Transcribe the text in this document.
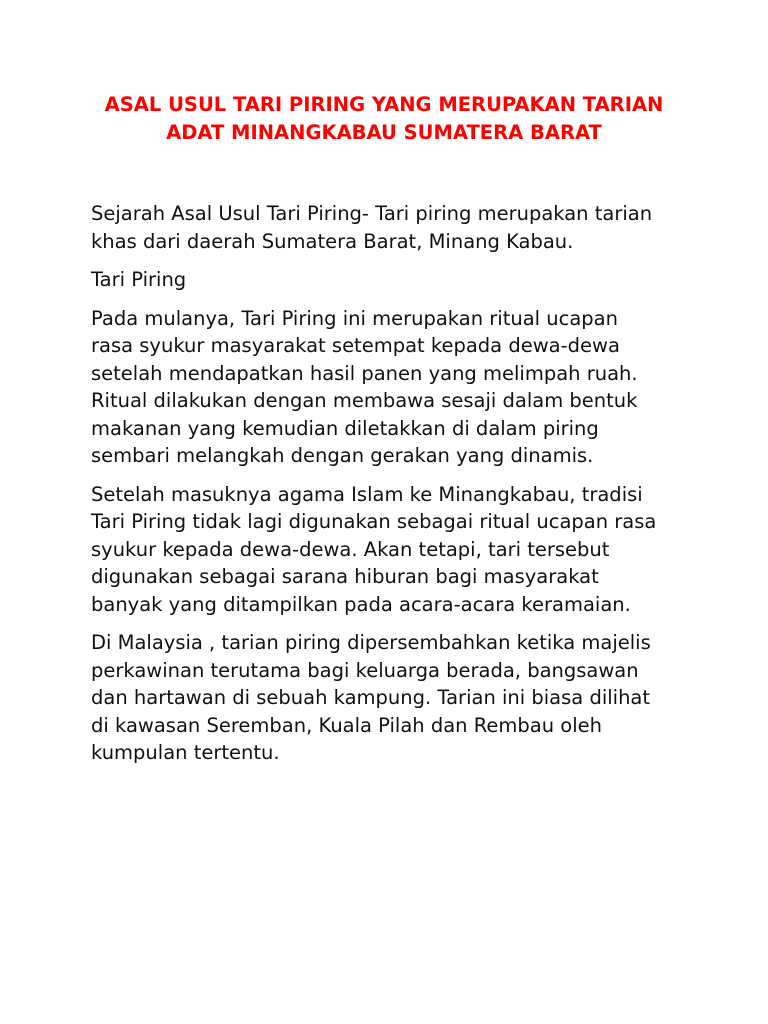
ASAL USUL TARI PIRING YANG MERUPAKAN TARIAN
ADAT MINANGKABAU SUMATERA BARAT

Sejarah Asal Usul Tari Piring- Tari piring merupakan tarian
khas dari daerah Sumatera Barat, Minang Kabau.

Tari Piring

Pada mulanya, Tari Piring ini merupakan ritual ucapan
rasa syukur masyarakat setempat kepada dewa-dewa
setelah mendapatkan hasil panen yang melimpah ruah.
Ritual dilakukan dengan membawa sesaji dalam bentuk
makanan yang kemudian diletakkan di dalam piring
sembari melangkah dengan gerakan yang dinamis.

Setelah masuknya agama Islam ke Minangkabau, tradisi
Tari Piring tidak lagi digunakan sebagai ritual ucapan rasa
syukur kepada dewa-dewa. Akan tetapi, tari tersebut
digunakan sebagai sarana hiburan bagi masyarakat
banyak yang ditampilkan pada acara-acara keramaian.

Di Malaysia , tarian piring dipersembahkan ketika majelis
perkawinan terutama bagi keluarga berada, bangsawan
dan hartawan di sebuah kampung. Tarian ini biasa dilihat
di kawasan Seremban, Kuala Pilah dan Rembau oleh
kumpulan tertentu.
